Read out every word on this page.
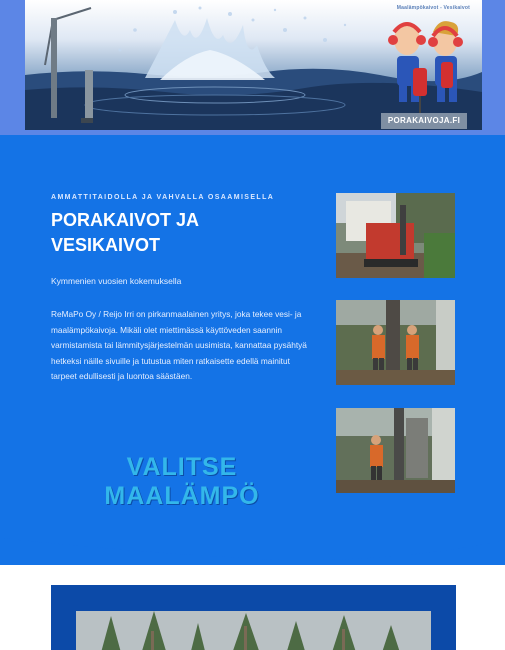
Maalämpökaivot - Vesikaivot
PORAKAIVOJA.FI
AMMATTITAIDOLLA JA VAHVALLA OSAAMISELLA
PORAKAIVOT JA VESIKAIVOT
Kymmenien vuosien kokemuksella

ReMaPo Oy / Reijo Irri on pirkanmaalainen yritys, joka tekee vesi- ja maalämpökaivoja. Mikäli olet miettimässä käyttöveden saannin varmistamista tai lämmitysjärjestelmän uusimista, kannattaa pysähtyä hetkeksi näille sivuille ja tutustua miten ratkaisette edellä mainitut tarpeet edullisesti ja luontoa säästäen.

VALITSE
MAALÄMPÖ
